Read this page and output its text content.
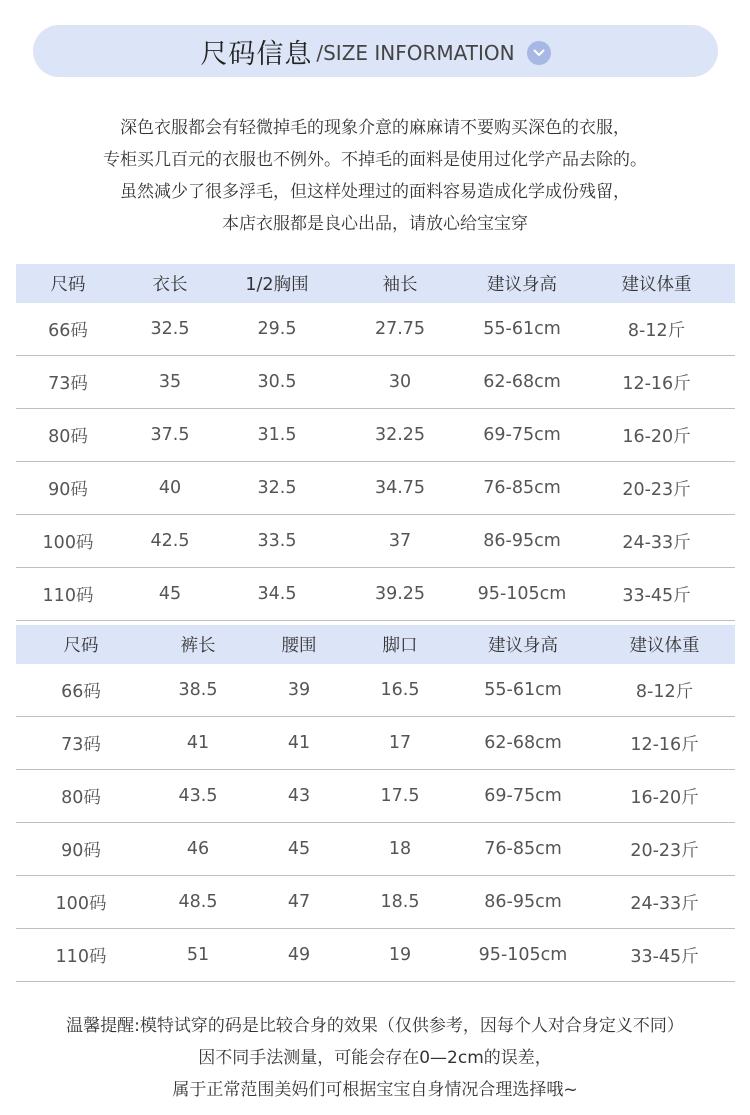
尺码信息 /SIZE INFORMATION
深色衣服都会有轻微掉毛的现象介意的麻麻请不要购买深色的衣服，
专柜买几百元的衣服也不例外。不掉毛的面料是使用过化学产品去除的。
虽然减少了很多浮毛，但这样处理过的面料容易造成化学成份残留，
本店衣服都是良心出品，请放心给宝宝穿
尺码	衣长	1/2胸围	袖长	建议身高	建议体重
66码	32.5	29.5	27.75	55-61cm	8-12斤
73码	35	30.5	30	62-68cm	12-16斤
80码	37.5	31.5	32.25	69-75cm	16-20斤
90码	40	32.5	34.75	76-85cm	20-23斤
100码	42.5	33.5	37	86-95cm	24-33斤
110码	45	34.5	39.25	95-105cm	33-45斤
尺码	裤长	腰围	脚口	建议身高	建议体重
66码	38.5	39	16.5	55-61cm	8-12斤
73码	41	41	17	62-68cm	12-16斤
80码	43.5	43	17.5	69-75cm	16-20斤
90码	46	45	18	76-85cm	20-23斤
100码	48.5	47	18.5	86-95cm	24-33斤
110码	51	49	19	95-105cm	33-45斤
温馨提醒:模特试穿的码是比较合身的效果（仅供参考，因每个人对合身定义不同）
因不同手法测量，可能会存在0—2cm的误差，
属于正常范围美妈们可根据宝宝自身情况合理选择哦~
